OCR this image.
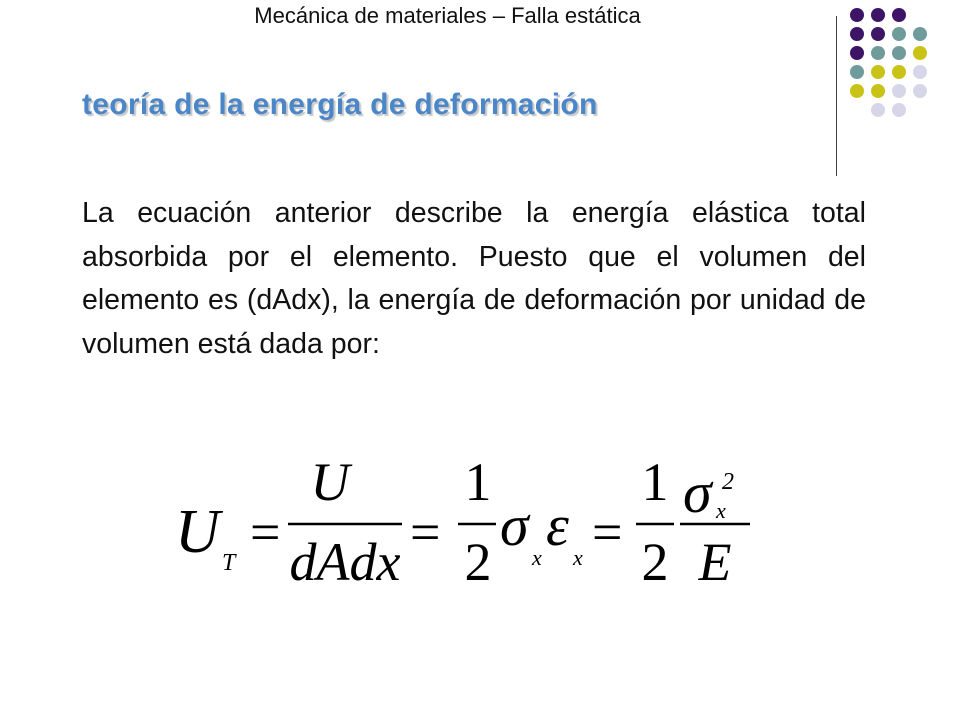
Mecánica de materiales – Falla estática
teoría de la energía de deformación
La ecuación anterior describe la energía elástica total absorbida por el elemento. Puesto que el volumen del elemento es (dAdx), la energía de deformación por unidad de volumen está dada por:
U T
=
U
dAdx =
1
2
σ x ε x =
1
2
σ 2
x
E
